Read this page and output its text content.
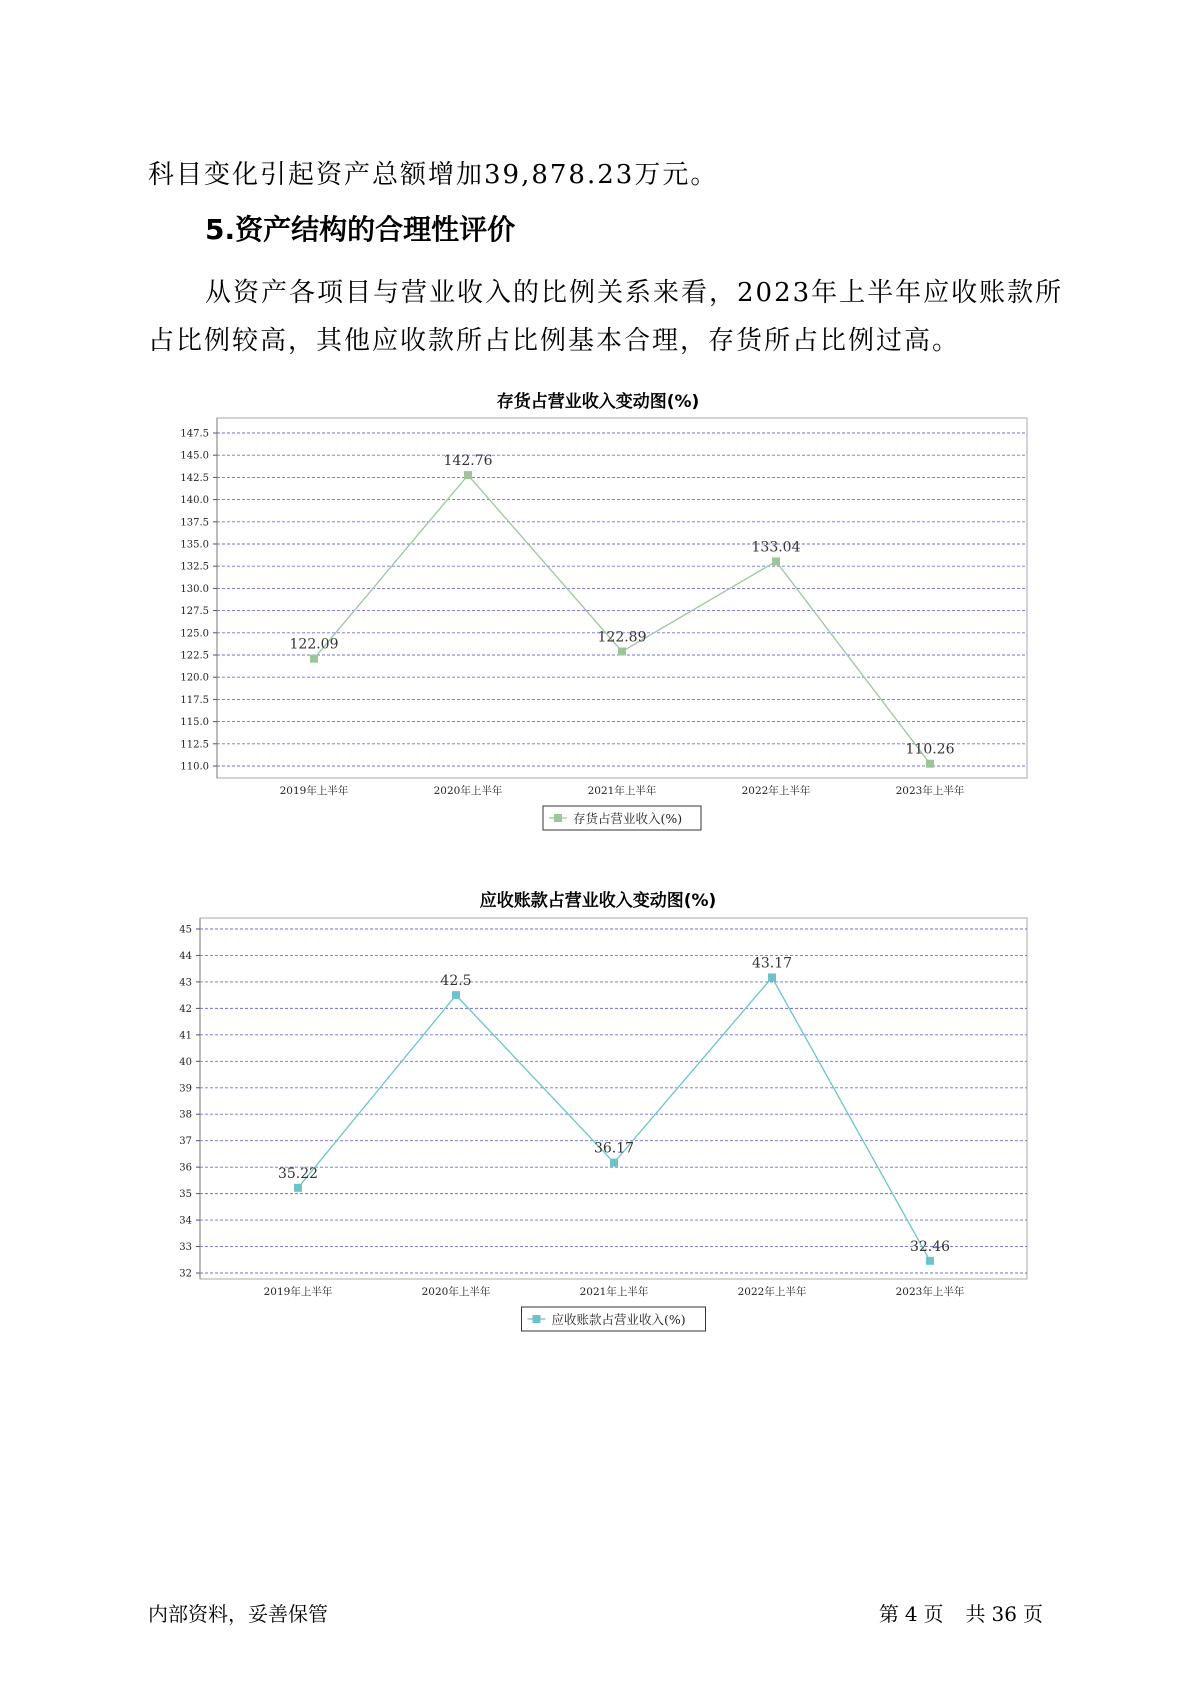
科目变化引起资产总额增加39,878.23万元。
5.资产结构的合理性评价
从资产各项目与营业收入的比例关系来看，2023年上半年应收账款所
占比例较高，其他应收款所占比例基本合理，存货所占比例过高。
存货占营业收入变动图(%)
110.0
112.5
115.0
117.5
120.0
122.5
125.0
127.5
130.0
132.5
135.0
137.5
140.0
142.5
145.0
147.5
2019年上半年	2020年上半年	2021年上半年	2022年上半年	2023年上半年
122.09
142.76
122.89
133.04
110.26
存货占营业收入(%)
应收账款占营业收入变动图(%)
32
33
34
35
36
37
38
39
40
41
42
43
44
45
2019年上半年	2020年上半年	2021年上半年	2022年上半年	2023年上半年
35.22
42.5
36.17
43.17
32.46
应收账款占营业收入(%)
内部资料，妥善保管	第 4 页 共 36 页
